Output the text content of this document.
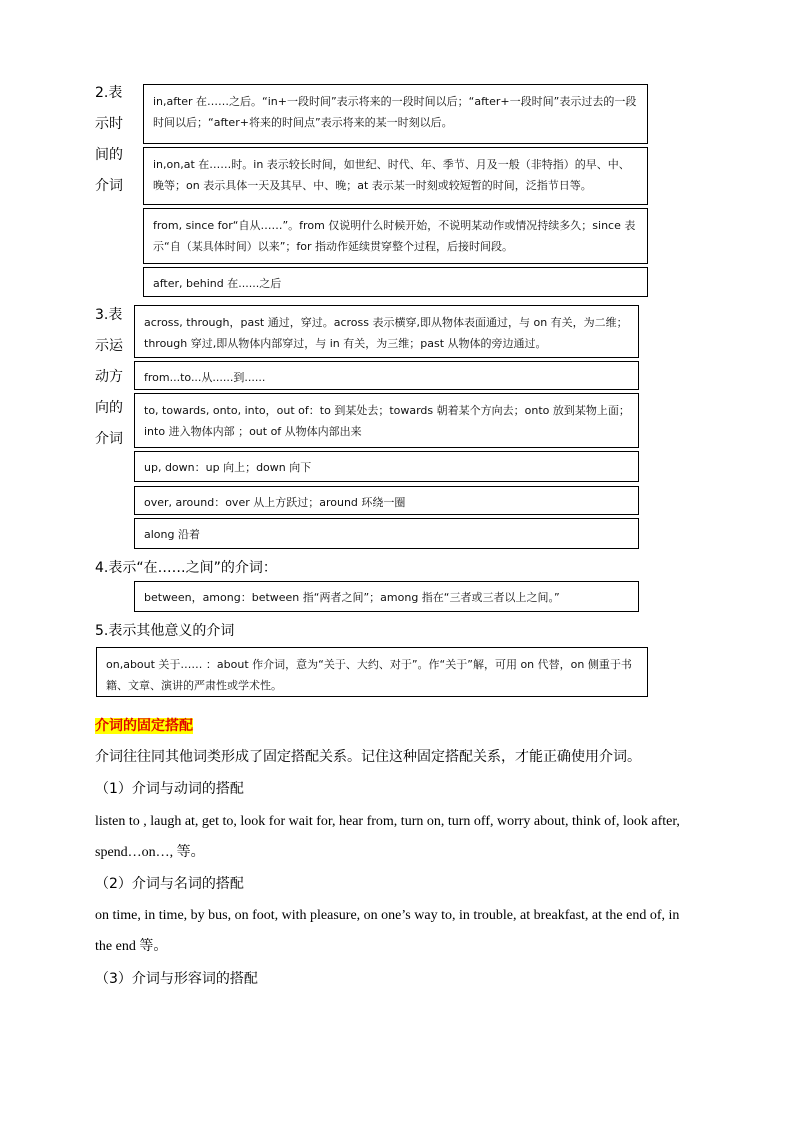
2.表示时间的介词

in,after 在……之后。“in+一段时间”表示将来的一段时间以后；“after+一段时间”表示过去的一段时间以后；“after+将来的时间点”表示将来的某一时刻以后。
in,on,at 在……时。in 表示较长时间，如世纪、时代、年、季节、月及一般（非特指）的早、中、晚等；on 表示具体一天及其早、中、晚；at 表示某一时刻或较短暂的时间，泛指节日等。
from, since for“自从……”。from 仅说明什么时候开始，不说明某动作或情况持续多久；since 表示“自（某具体时间）以来”；for 指动作延续贯穿整个过程，后接时间段。
after, behind 在......之后

3.表示运动方向的介词

across, through，past 通过，穿过。across 表示横穿,即从物体表面通过，与 on 有关，为二维；through 穿过,即从物体内部穿过，与 in 有关，为三维；past 从物体的旁边通过。
from...to...从......到......
to, towards, onto, into，out of：to 到某处去；towards 朝着某个方向去；onto 放到某物上面；into 进入物体内部 ；out of 从物体内部出来
up, down：up 向上；down 向下
over, around：over 从上方跃过；around 环绕一圈
along 沿着
4.表示“在……之间”的介词：
between，among：between 指“两者之间”；among 指在“三者或三者以上之间。”
5.表示其他意义的介词
on,about 关于…… ：about 作介词，意为“关于、大约、对于”。作“关于”解，可用 on 代替，on 侧重于书籍、文章、演讲的严肃性或学术性。
介词的固定搭配
介词往往同其他词类形成了固定搭配关系。记住这种固定搭配关系，才能正确使用介词。
（1）介词与动词的搭配
listen to , laugh at, get to, look for wait for, hear from, turn on, turn off, worry about, think of, look after, spend…on…, 等。
（2）介词与名词的搭配
on time, in time, by bus, on foot, with pleasure, on one’s way to, in trouble, at breakfast, at the end of, in the end 等。
（3）介词与形容词的搭配
